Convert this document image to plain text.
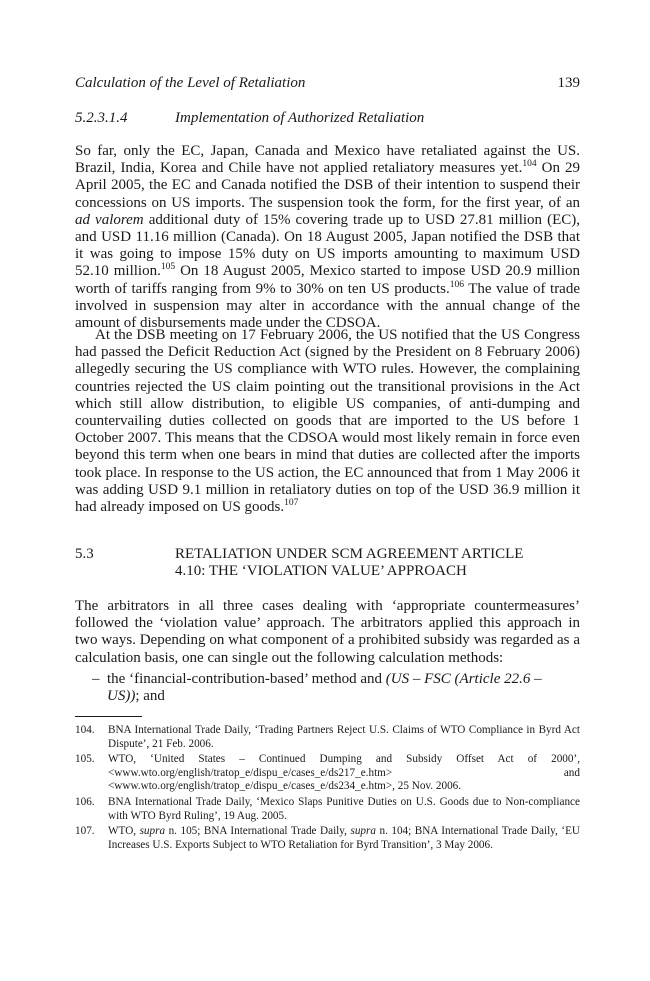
Calculation of the Level of Retaliation	139
5.2.3.1.4	Implementation of Authorized Retaliation

So far, only the EC, Japan, Canada and Mexico have retaliated against the US. Brazil, India, Korea and Chile have not applied retaliatory measures yet.$^{104}$ On 29 April 2005, the EC and Canada notified the DSB of their intention to suspend their concessions on US imports. The suspension took the form, for the first year, of an ad valorem additional duty of 15% covering trade up to USD 27.81 million (EC), and USD 11.16 million (Canada). On 18 August 2005, Japan notified the DSB that it was going to impose 15% duty on US imports amounting to maximum USD 52.10 million.$^{105}$ On 18 August 2005, Mexico started to impose USD 20.9 million worth of tariffs ranging from 9% to 30% on ten US products.$^{106}$ The value of trade involved in suspension may alter in accordance with the annual change of the amount of disbursements made under the CDSOA.

At the DSB meeting on 17 February 2006, the US notified that the US Congress had passed the Deficit Reduction Act (signed by the President on 8 February 2006) allegedly securing the US compliance with WTO rules. However, the complaining countries rejected the US claim pointing out the transitional provisions in the Act which still allow distribution, to eligible US companies, of anti-dumping and countervailing duties collected on goods that are imported to the US before 1 October 2007. This means that the CDSOA would most likely remain in force even beyond this term when one bears in mind that duties are collected after the imports took place. In response to the US action, the EC announced that from 1 May 2006 it was adding USD 9.1 million in retaliatory duties on top of the USD 36.9 million it had already imposed on US goods.$^{107}$

5.3	RETALIATION UNDER SCM AGREEMENT ARTICLE
4.10: THE ‘VIOLATION VALUE’ APPROACH

The arbitrators in all three cases dealing with ‘appropriate countermeasures’ followed the ‘violation value’ approach. The arbitrators applied this approach in two ways. Depending on what component of a prohibited subsidy was regarded as a calculation basis, one can single out the following calculation methods:

– the ‘financial-contribution-based’ method and (US – FSC (Article 22.6 –
US)); and
104. BNA International Trade Daily, ‘Trading Partners Reject U.S. Claims of WTO Compliance in Byrd Act Dispute’, 21 Feb. 2006.
105. WTO, ‘United States – Continued Dumping and Subsidy Offset Act of 2000’, <www.wto.org/english/tratop_e/dispu_e/cases_e/ds217_e.htm> and <www.wto.org/english/tratop_e/dispu_e/cases_e/ds234_e.htm>, 25 Nov. 2006.
106. BNA International Trade Daily, ‘Mexico Slaps Punitive Duties on U.S. Goods due to Non-compliance with WTO Byrd Ruling’, 19 Aug. 2005.
107. WTO, supra n. 105; BNA International Trade Daily, supra n. 104; BNA International Trade Daily, ‘EU Increases U.S. Exports Subject to WTO Retaliation for Byrd Transition’, 3 May 2006.
